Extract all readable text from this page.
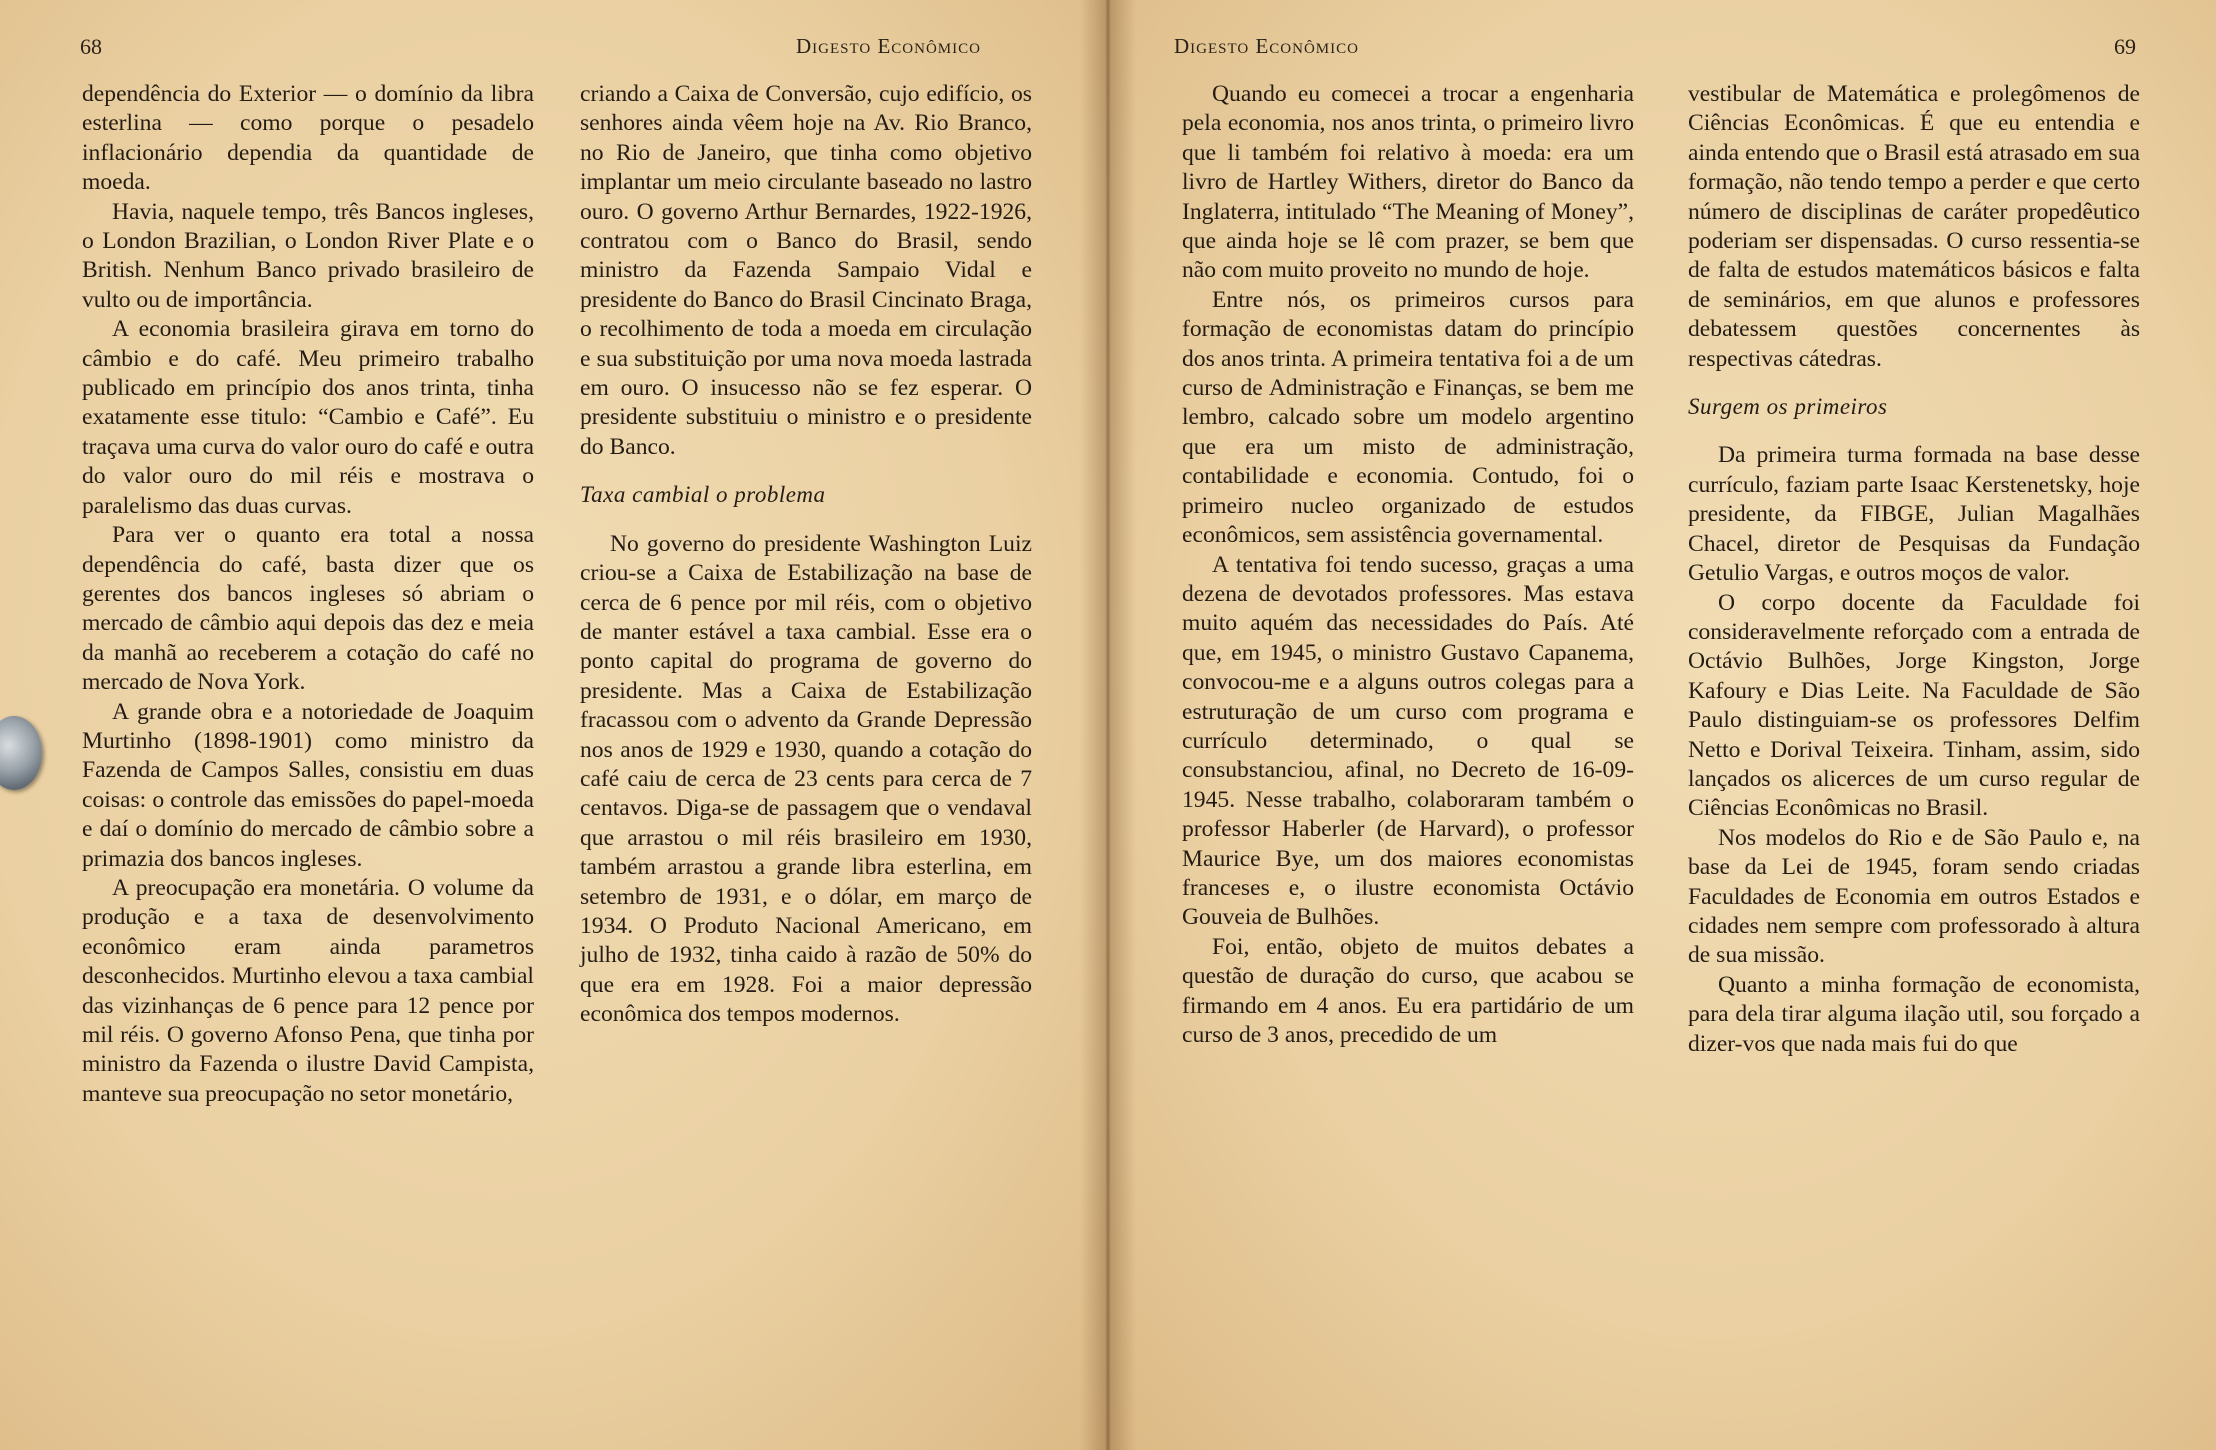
68	Digesto Econômico

dependência do Exterior — o domínio da libra esterlina — como porque o pesadelo inflacionário dependia da quantidade de moeda.

Havia, naquele tempo, três Bancos ingleses, o London Brazilian, o London River Plate e o British. Nenhum Banco privado brasileiro de vulto ou de importância.

A economia brasileira girava em torno do câmbio e do café. Meu primeiro trabalho publicado em princípio dos anos trinta, tinha exatamente esse titulo: “Cambio e Café”. Eu traçava uma curva do valor ouro do café e outra do valor ouro do mil réis e mostrava o paralelismo das duas curvas.

Para ver o quanto era total a nossa dependência do café, basta dizer que os gerentes dos bancos ingleses só abriam o mercado de câmbio aqui depois das dez e meia da manhã ao receberem a cotação do café no mercado de Nova York.

A grande obra e a notoriedade de Joaquim Murtinho (1898-1901) como ministro da Fazenda de Campos Salles, consistiu em duas coisas: o controle das emissões do papel-moeda e daí o domínio do mercado de câmbio sobre a primazia dos bancos ingleses.

A preocupação era monetária. O volume da produção e a taxa de desenvolvimento econômico eram ainda parametros desconhecidos. Murtinho elevou a taxa cambial das vizinhanças de 6 pence para 12 pence por mil réis. O governo Afonso Pena, que tinha por ministro da Fazenda o ilustre David Campista, manteve sua preocupação no setor monetário,

criando a Caixa de Conversão, cujo edifício, os senhores ainda vêem hoje na Av. Rio Branco, no Rio de Janeiro, que tinha como objetivo implantar um meio circulante baseado no lastro ouro. O governo Arthur Bernardes, 1922-1926, contratou com o Banco do Brasil, sendo ministro da Fazenda Sampaio Vidal e presidente do Banco do Brasil Cincinato Braga, o recolhimento de toda a moeda em circulação e sua substituição por uma nova moeda lastrada em ouro. O insucesso não se fez esperar. O presidente substituiu o ministro e o presidente do Banco.

Taxa cambial o problema

No governo do presidente Washington Luiz criou-se a Caixa de Estabilização na base de cerca de 6 pence por mil réis, com o objetivo de manter estável a taxa cambial. Esse era o ponto capital do programa de governo do presidente. Mas a Caixa de Estabilização fracassou com o advento da Grande Depressão nos anos de 1929 e 1930, quando a cotação do café caiu de cerca de 23 cents para cerca de 7 centavos. Diga-se de passagem que o vendaval que arrastou o mil réis brasileiro em 1930, também arrastou a grande libra esterlina, em setembro de 1931, e o dólar, em março de 1934. O Produto Nacional Americano, em julho de 1932, tinha caido à razão de 50% do que era em 1928. Foi a maior depressão econômica dos tempos modernos.

Digesto Econômico	69

Quando eu comecei a trocar a engenharia pela economia, nos anos trinta, o primeiro livro que li também foi relativo à moeda: era um livro de Hartley Withers, diretor do Banco da Inglaterra, intitulado “The Meaning of Money”, que ainda hoje se lê com prazer, se bem que não com muito proveito no mundo de hoje.

Entre nós, os primeiros cursos para formação de economistas datam do princípio dos anos trinta. A primeira tentativa foi a de um curso de Administração e Finanças, se bem me lembro, calcado sobre um modelo argentino que era um misto de administração, contabilidade e economia. Contudo, foi o primeiro nucleo organizado de estudos econômicos, sem assistência governamental.

A tentativa foi tendo sucesso, graças a uma dezena de devotados professores. Mas estava muito aquém das necessidades do País. Até que, em 1945, o ministro Gustavo Capanema, convocou-me e a alguns outros colegas para a estruturação de um curso com programa e currículo determinado, o qual se consubstanciou, afinal, no Decreto de 16-09-1945. Nesse trabalho, colaboraram também o professor Haberler (de Harvard), o professor Maurice Bye, um dos maiores economistas franceses e, o ilustre economista Octávio Gouveia de Bulhões.

Foi, então, objeto de muitos debates a questão de duração do curso, que acabou se firmando em 4 anos. Eu era partidário de um curso de 3 anos, precedido de um

vestibular de Matemática e prolegômenos de Ciências Econômicas. É que eu entendia e ainda entendo que o Brasil está atrasado em sua formação, não tendo tempo a perder e que certo número de disciplinas de caráter propedêutico poderiam ser dispensadas. O curso ressentia-se de falta de estudos matemáticos básicos e falta de seminários, em que alunos e professores debatessem questões concernentes às respectivas cátedras.

Surgem os primeiros

Da primeira turma formada na base desse currículo, faziam parte Isaac Kerstenetsky, hoje presidente, da FIBGE, Julian Magalhães Chacel, diretor de Pesquisas da Fundação Getulio Vargas, e outros moços de valor.

O corpo docente da Faculdade foi consideravelmente reforçado com a entrada de Octávio Bulhões, Jorge Kingston, Jorge Kafoury e Dias Leite. Na Faculdade de São Paulo distinguiam-se os professores Delfim Netto e Dorival Teixeira. Tinham, assim, sido lançados os alicerces de um curso regular de Ciências Econômicas no Brasil.

Nos modelos do Rio e de São Paulo e, na base da Lei de 1945, foram sendo criadas Faculdades de Economia em outros Estados e cidades nem sempre com professorado à altura de sua missão.

Quanto a minha formação de economista, para dela tirar alguma ilação util, sou forçado a dizer-vos que nada mais fui do que
